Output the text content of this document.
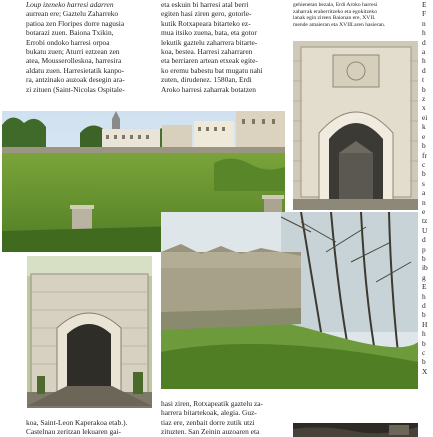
Loup izeneko harresi adarren

aurrean ere; Gaztelu Zaharreko

patioa zen Floripes dorre nagusia

botarazi zuen. Baiona Txikin,

Errobi ondoko harresi orpoa

bukatu zuen; Aturri eztzean zen

atea, Mousserolleskoa, harresira

aldatu zuen. Harresietatik kanpo-

ra, antzinako auzoak desegin ara-

zi zituen (Saint-Nicolas Ospitale-

eta eskuin bi harresi atal berri

egiten hasi ziren gero, gotorle-

kutik Rotxapeara bitarteko ez-

mua itsiko zuena, bata, eta gotor

lekutik gaztelu zaharrera bitarte-

koa, bestea. Harresi zaharraren

eta berriaren artean etxeak egite-

ko eremu babestu bat mugatu nahi

zuten, dirudenez. 1580an, Erdi

Aroko harresi zaharrak botatzen

gehienetan bezala, Erdi Aroko harresi

zaharrak eraberritzeko eta egokitzeko

lanak egin zireen Baionan ere, XVII.

mende amaieran eta XVIII.aren hasieran.

E

F

n

h

d

a

h

d

t

b

z

x

ei

k

e

b

fr

c

b

s

a

n

e

tz

U

d

p

b

ib

g

E

h

d

b

H

h

b

c

b

X

koa, Saint-Leon Kaperakoa etab.).

Castelnau zeritzan lekuaren gai-

hasi ziren, Rotxapeatik gaztelu za-

harrera bitartekoak, alegia. Guz-

tiaz ere, zenbait dorre zutik utzi

zituzten. San Zeinin auzoaren eta
